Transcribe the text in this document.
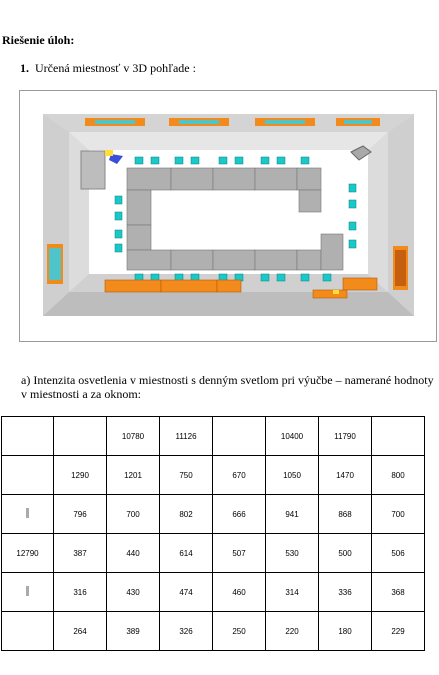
Riešenie úloh:
1. Určená miestnosť v 3D pohľade :
a) Intenzita osvetlenia v miestnosti s denným svetlom pri výučbe – namerané hodnoty v miestnosti a za oknom:
		10780	11126		10400	11790	
	1290	1201	750	670	1050	1470	800
	796	700	802	666	941	868	700
12790	387	440	614	507	530	500	506
	316	430	474	460	314	336	368
	264	389	326	250	220	180	229
